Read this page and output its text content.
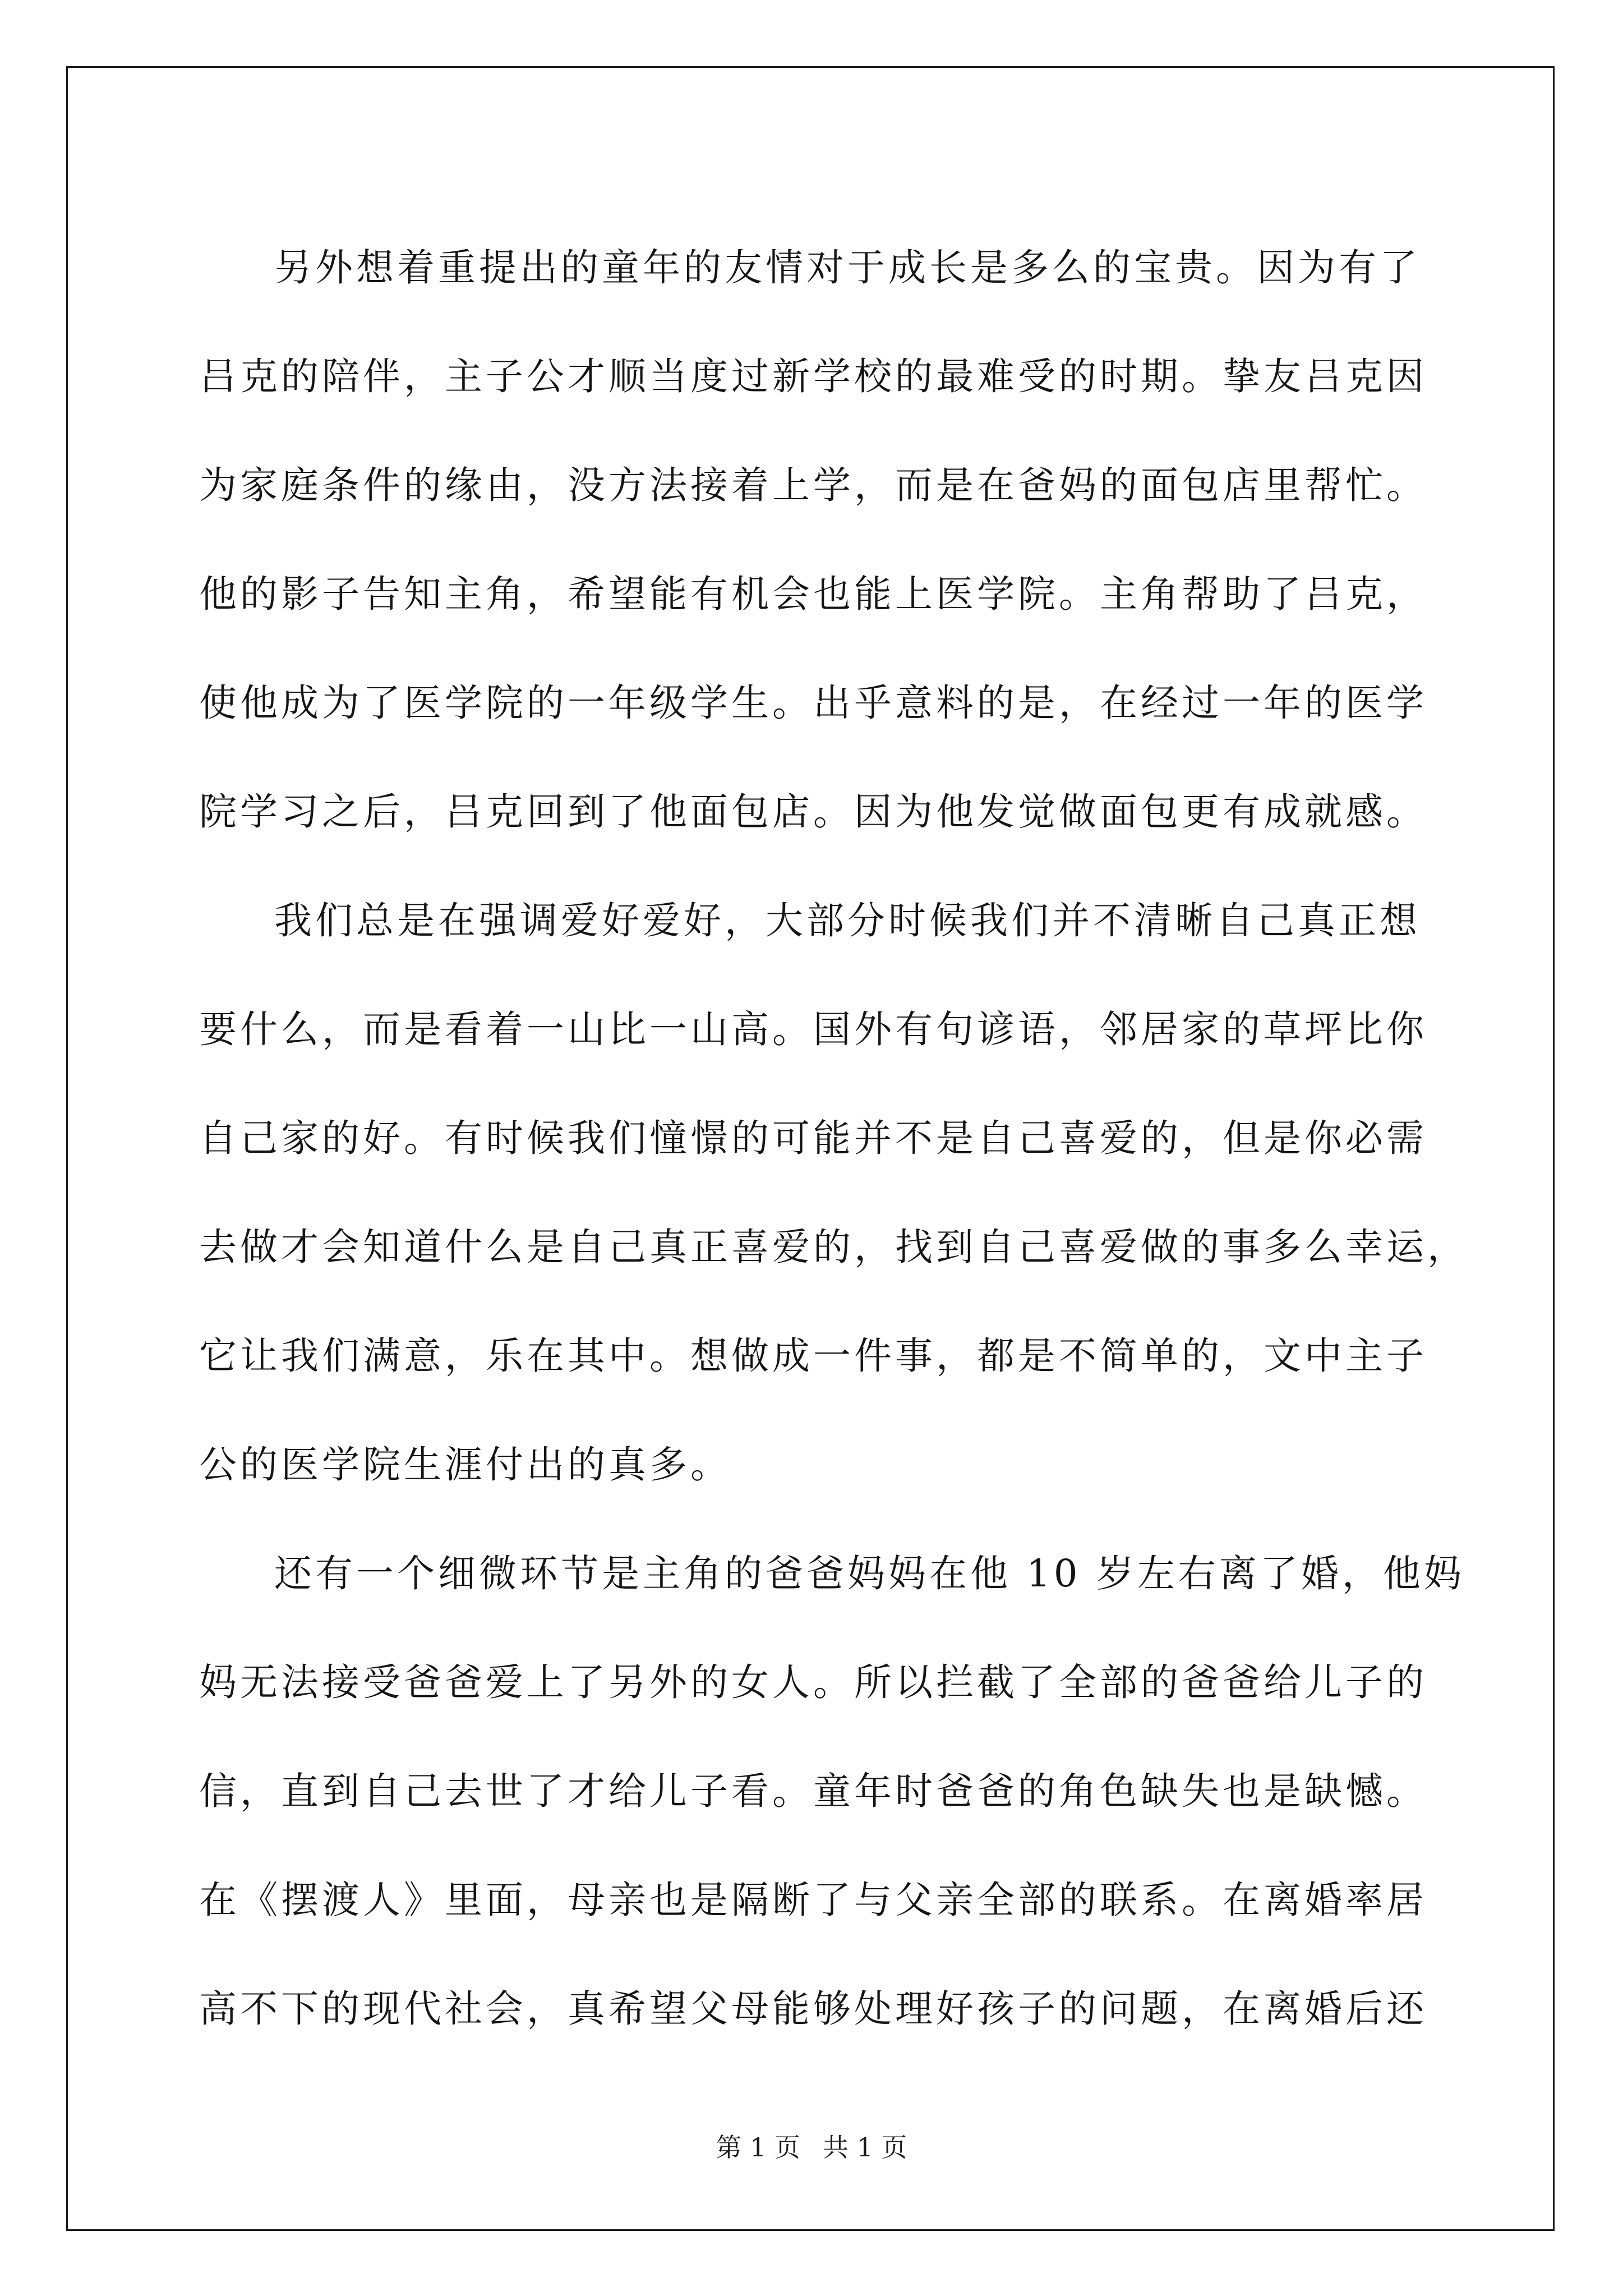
另外想着重提出的童年的友情对于成长是多么的宝贵。因为有了
吕克的陪伴，主子公才顺当度过新学校的最难受的时期。挚友吕克因
为家庭条件的缘由，没方法接着上学，而是在爸妈的面包店里帮忙。
他的影子告知主角，希望能有机会也能上医学院。主角帮助了吕克，
使他成为了医学院的一年级学生。出乎意料的是，在经过一年的医学
院学习之后，吕克回到了他面包店。因为他发觉做面包更有成就感。
我们总是在强调爱好爱好，大部分时候我们并不清晰自己真正想
要什么，而是看着一山比一山高。国外有句谚语，邻居家的草坪比你
自己家的好。有时候我们憧憬的可能并不是自己喜爱的，但是你必需
去做才会知道什么是自己真正喜爱的，找到自己喜爱做的事多么幸运，
它让我们满意，乐在其中。想做成一件事，都是不简单的，文中主子
公的医学院生涯付出的真多。
还有一个细微环节是主角的爸爸妈妈在他 10 岁左右离了婚，他妈
妈无法接受爸爸爱上了另外的女人。所以拦截了全部的爸爸给儿子的
信，直到自己去世了才给儿子看。童年时爸爸的角色缺失也是缺憾。
在《摆渡人》里面，母亲也是隔断了与父亲全部的联系。在离婚率居
高不下的现代社会，真希望父母能够处理好孩子的问题，在离婚后还
第 1 页 共 1 页
